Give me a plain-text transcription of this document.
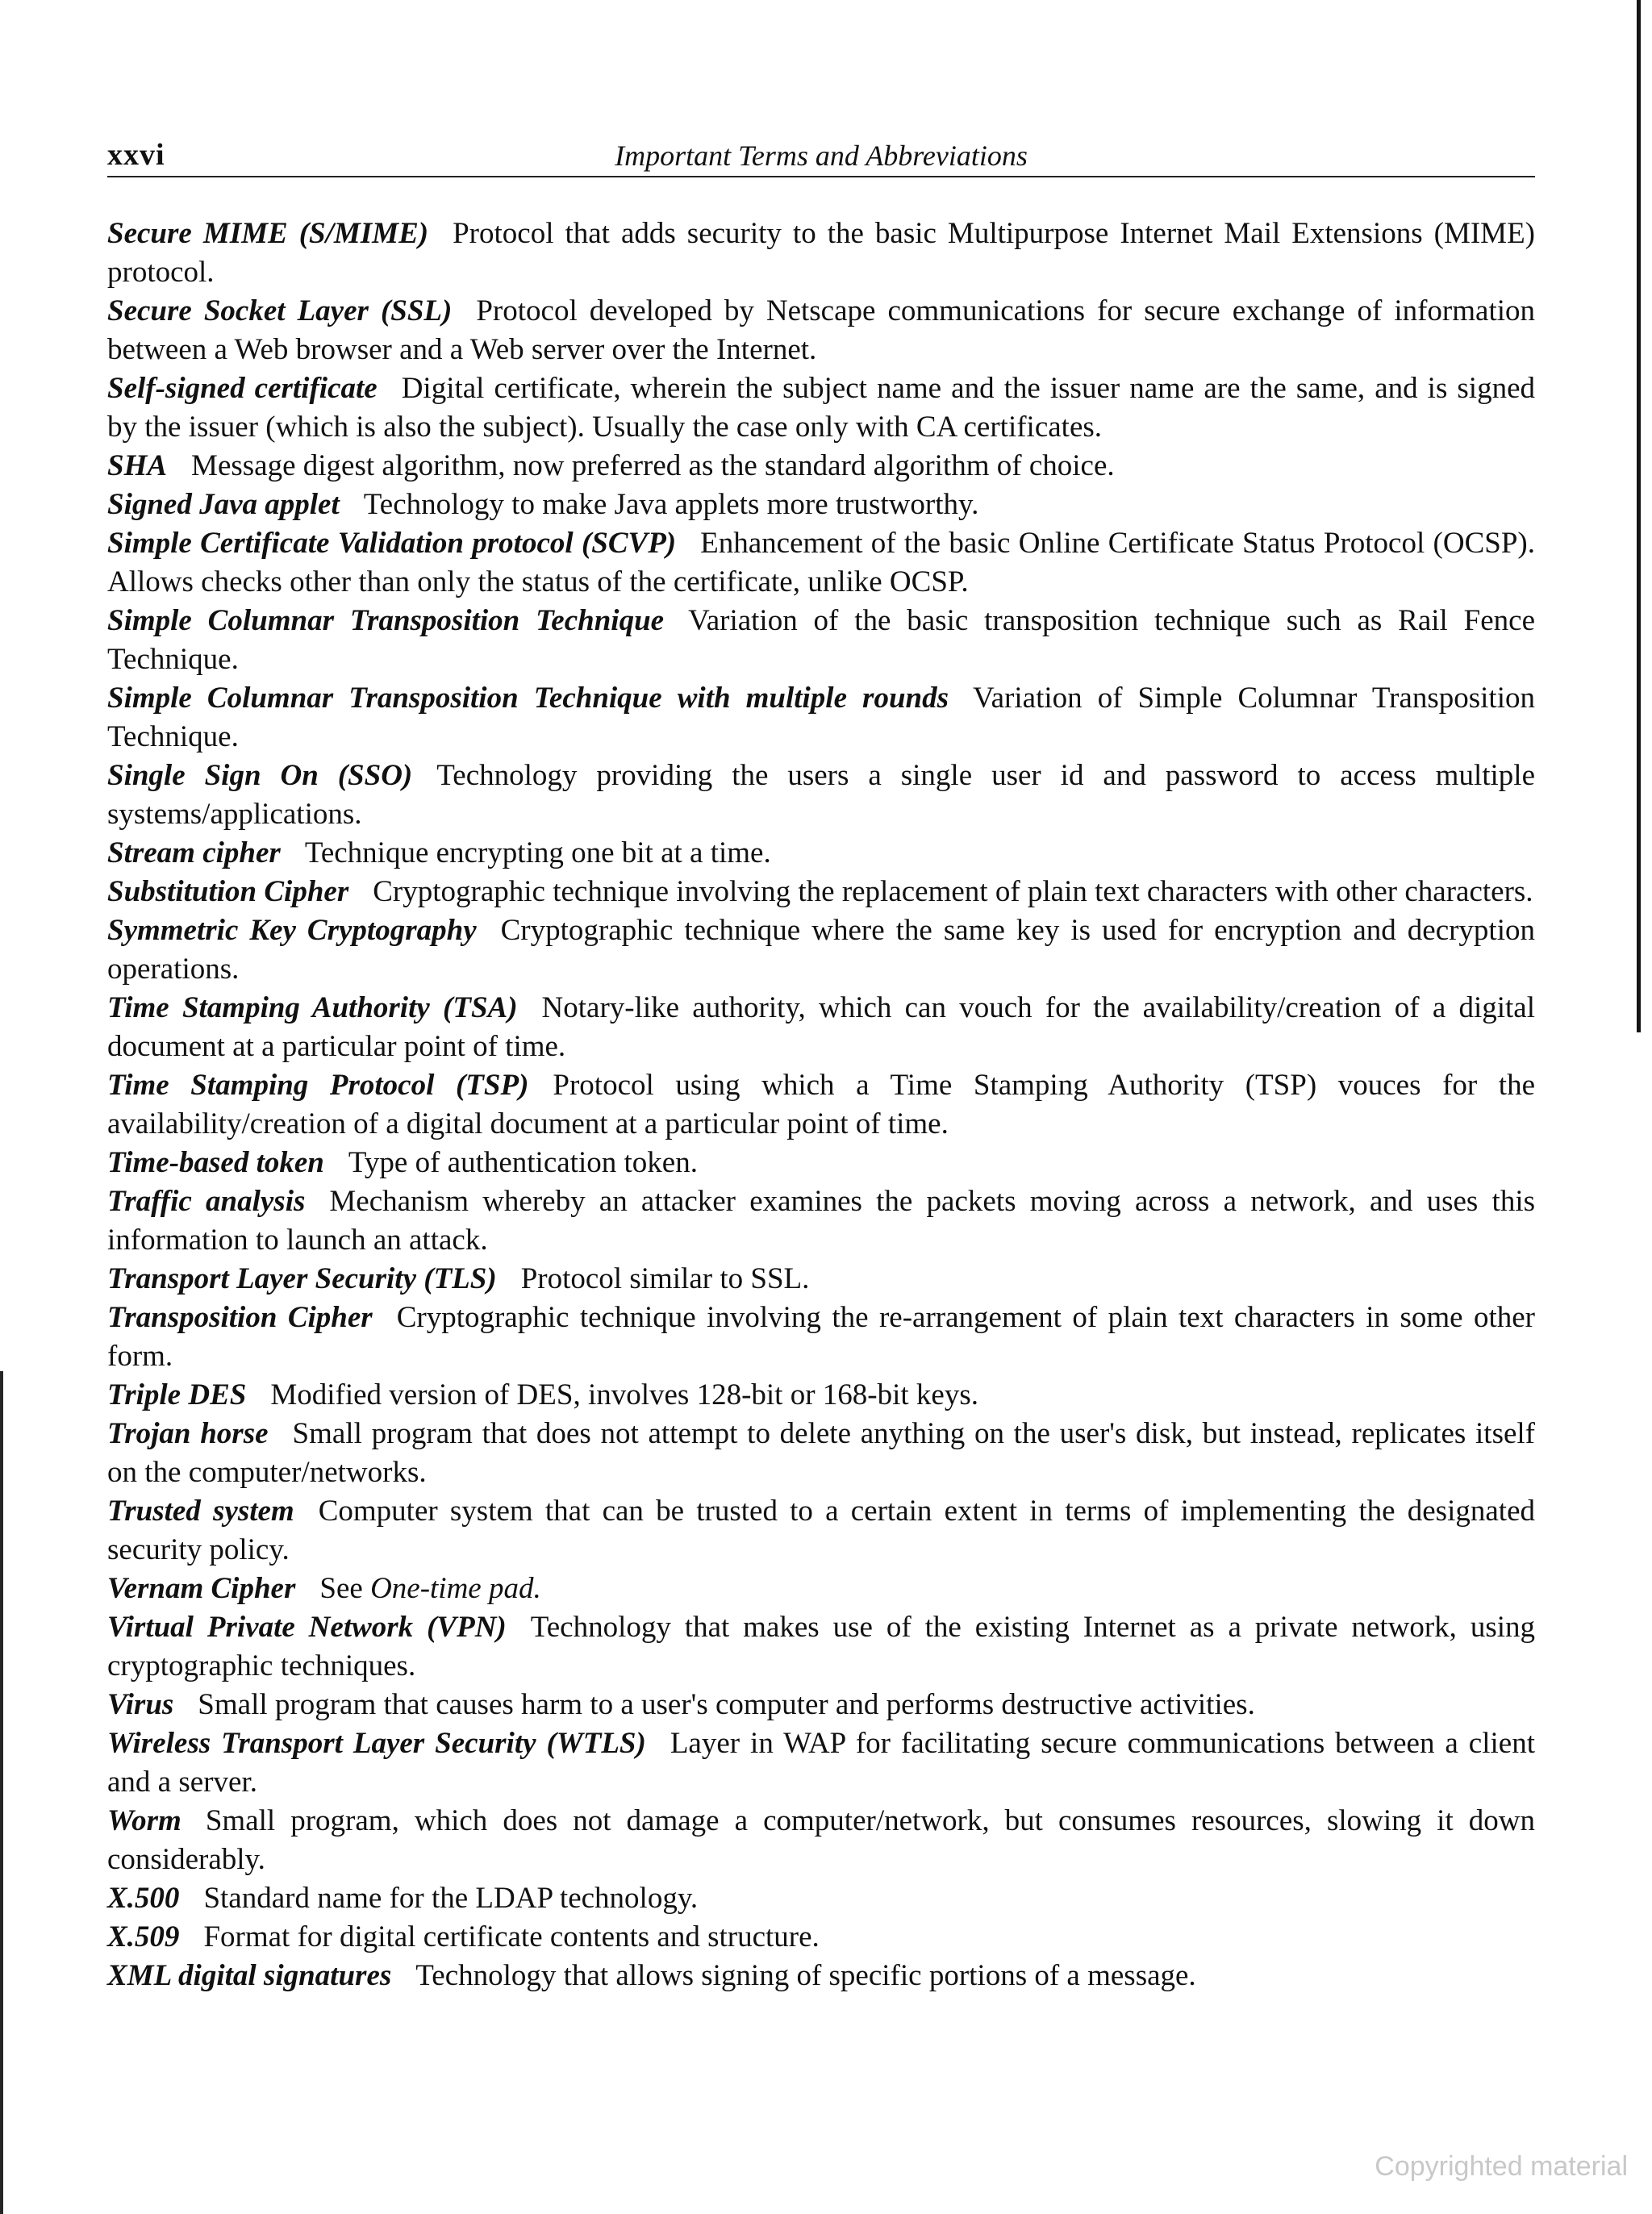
xxvi	Important Terms and Abbreviations

Secure MIME (S/MIME) Protocol that adds security to the basic Multipurpose Internet Mail Extensions (MIME) protocol.

Secure Socket Layer (SSL) Protocol developed by Netscape communications for secure exchange of information between a Web browser and a Web server over the Internet.

Self-signed certificate Digital certificate, wherein the subject name and the issuer name are the same, and is signed by the issuer (which is also the subject). Usually the case only with CA certificates.

SHA Message digest algorithm, now preferred as the standard algorithm of choice.

Signed Java applet Technology to make Java applets more trustworthy.

Simple Certificate Validation protocol (SCVP) Enhancement of the basic Online Certificate Status Protocol (OCSP). Allows checks other than only the status of the certificate, unlike OCSP.

Simple Columnar Transposition Technique Variation of the basic transposition technique such as Rail Fence Technique.

Simple Columnar Transposition Technique with multiple rounds Variation of Simple Columnar Transposition Technique.

Single Sign On (SSO) Technology providing the users a single user id and password to access multiple systems/applications.

Stream cipher Technique encrypting one bit at a time.

Substitution Cipher Cryptographic technique involving the replacement of plain text characters with other characters.

Symmetric Key Cryptography Cryptographic technique where the same key is used for encryption and decryption operations.

Time Stamping Authority (TSA) Notary-like authority, which can vouch for the availability/creation of a digital document at a particular point of time.

Time Stamping Protocol (TSP) Protocol using which a Time Stamping Authority (TSP) vouces for the availability/creation of a digital document at a particular point of time.

Time-based token Type of authentication token.

Traffic analysis Mechanism whereby an attacker examines the packets moving across a network, and uses this information to launch an attack.

Transport Layer Security (TLS) Protocol similar to SSL.

Transposition Cipher Cryptographic technique involving the re-arrangement of plain text characters in some other form.

Triple DES Modified version of DES, involves 128-bit or 168-bit keys.

Trojan horse Small program that does not attempt to delete anything on the user's disk, but instead, replicates itself on the computer/networks.

Trusted system Computer system that can be trusted to a certain extent in terms of implementing the designated security policy.

Vernam Cipher See One-time pad.

Virtual Private Network (VPN) Technology that makes use of the existing Internet as a private network, using cryptographic techniques.

Virus Small program that causes harm to a user's computer and performs destructive activities.

Wireless Transport Layer Security (WTLS) Layer in WAP for facilitating secure communications between a client and a server.

Worm Small program, which does not damage a computer/network, but consumes resources, slowing it down considerably.

X.500 Standard name for the LDAP technology.

X.509 Format for digital certificate contents and structure.

XML digital signatures Technology that allows signing of specific portions of a message.

Copyrighted material
